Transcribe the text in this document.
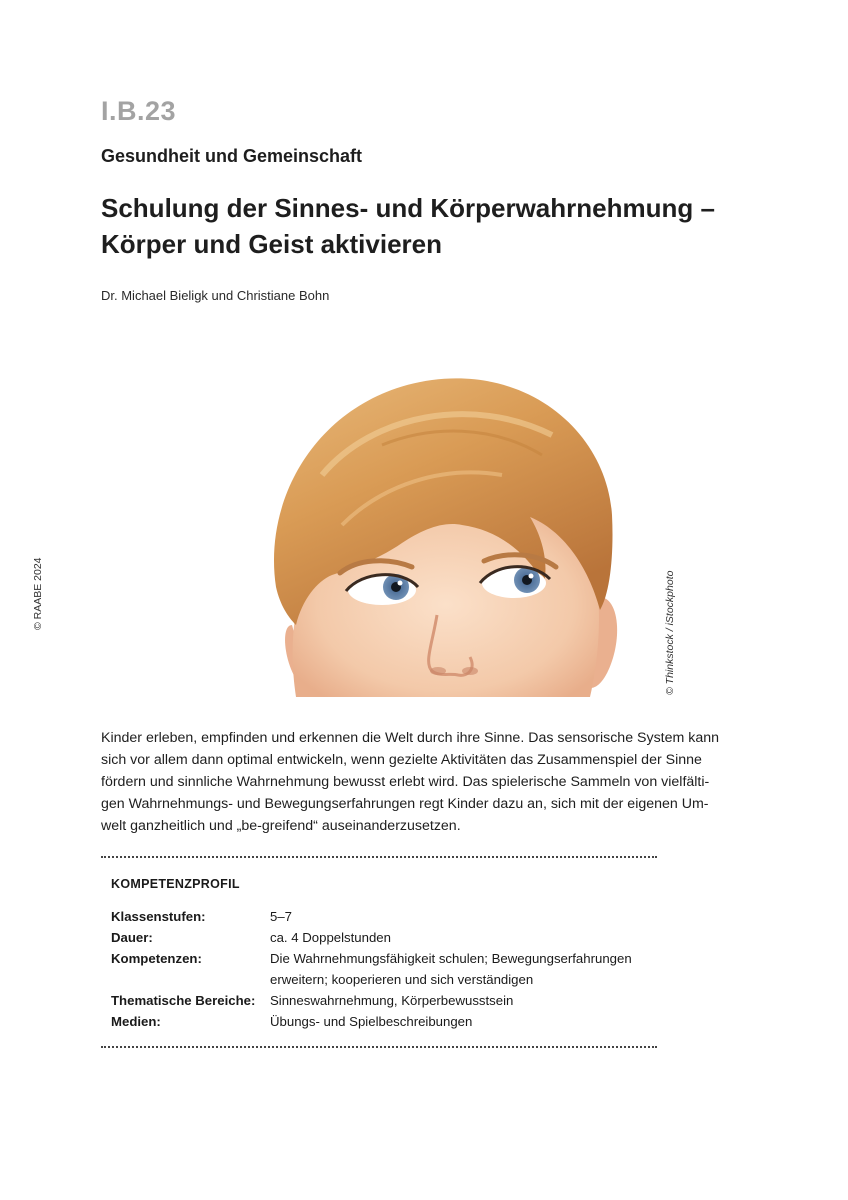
I.B.23
Gesundheit und Gemeinschaft
Schulung der Sinnes- und Körperwahrnehmung –
Körper und Geist aktivieren
Dr. Michael Bieligk und Christiane Bohn
© RAABE 2024	© Thinkstock / iStockphoto
Kinder erleben, empfinden und erkennen die Welt durch ihre Sinne. Das sensorische System kann
sich vor allem dann optimal entwickeln, wenn gezielte Aktivitäten das Zusammenspiel der Sinne
fördern und sinnliche Wahrnehmung bewusst erlebt wird. Das spielerische Sammeln von vielfälti-
gen Wahrnehmungs- und Bewegungserfahrungen regt Kinder dazu an, sich mit der eigenen Um-
welt ganzheitlich und „be-greifend“ auseinanderzusetzen.
KOMPETENZPROFIL
Klassenstufen:	5–7
Dauer:	ca. 4 Doppelstunden
Kompetenzen:	Die Wahrnehmungsfähigkeit schulen; Bewegungserfahrungen
erweitern; kooperieren und sich verständigen
Thematische Bereiche: Sinneswahrnehmung, Körperbewusstsein
Medien:	Übungs- und Spielbeschreibungen
